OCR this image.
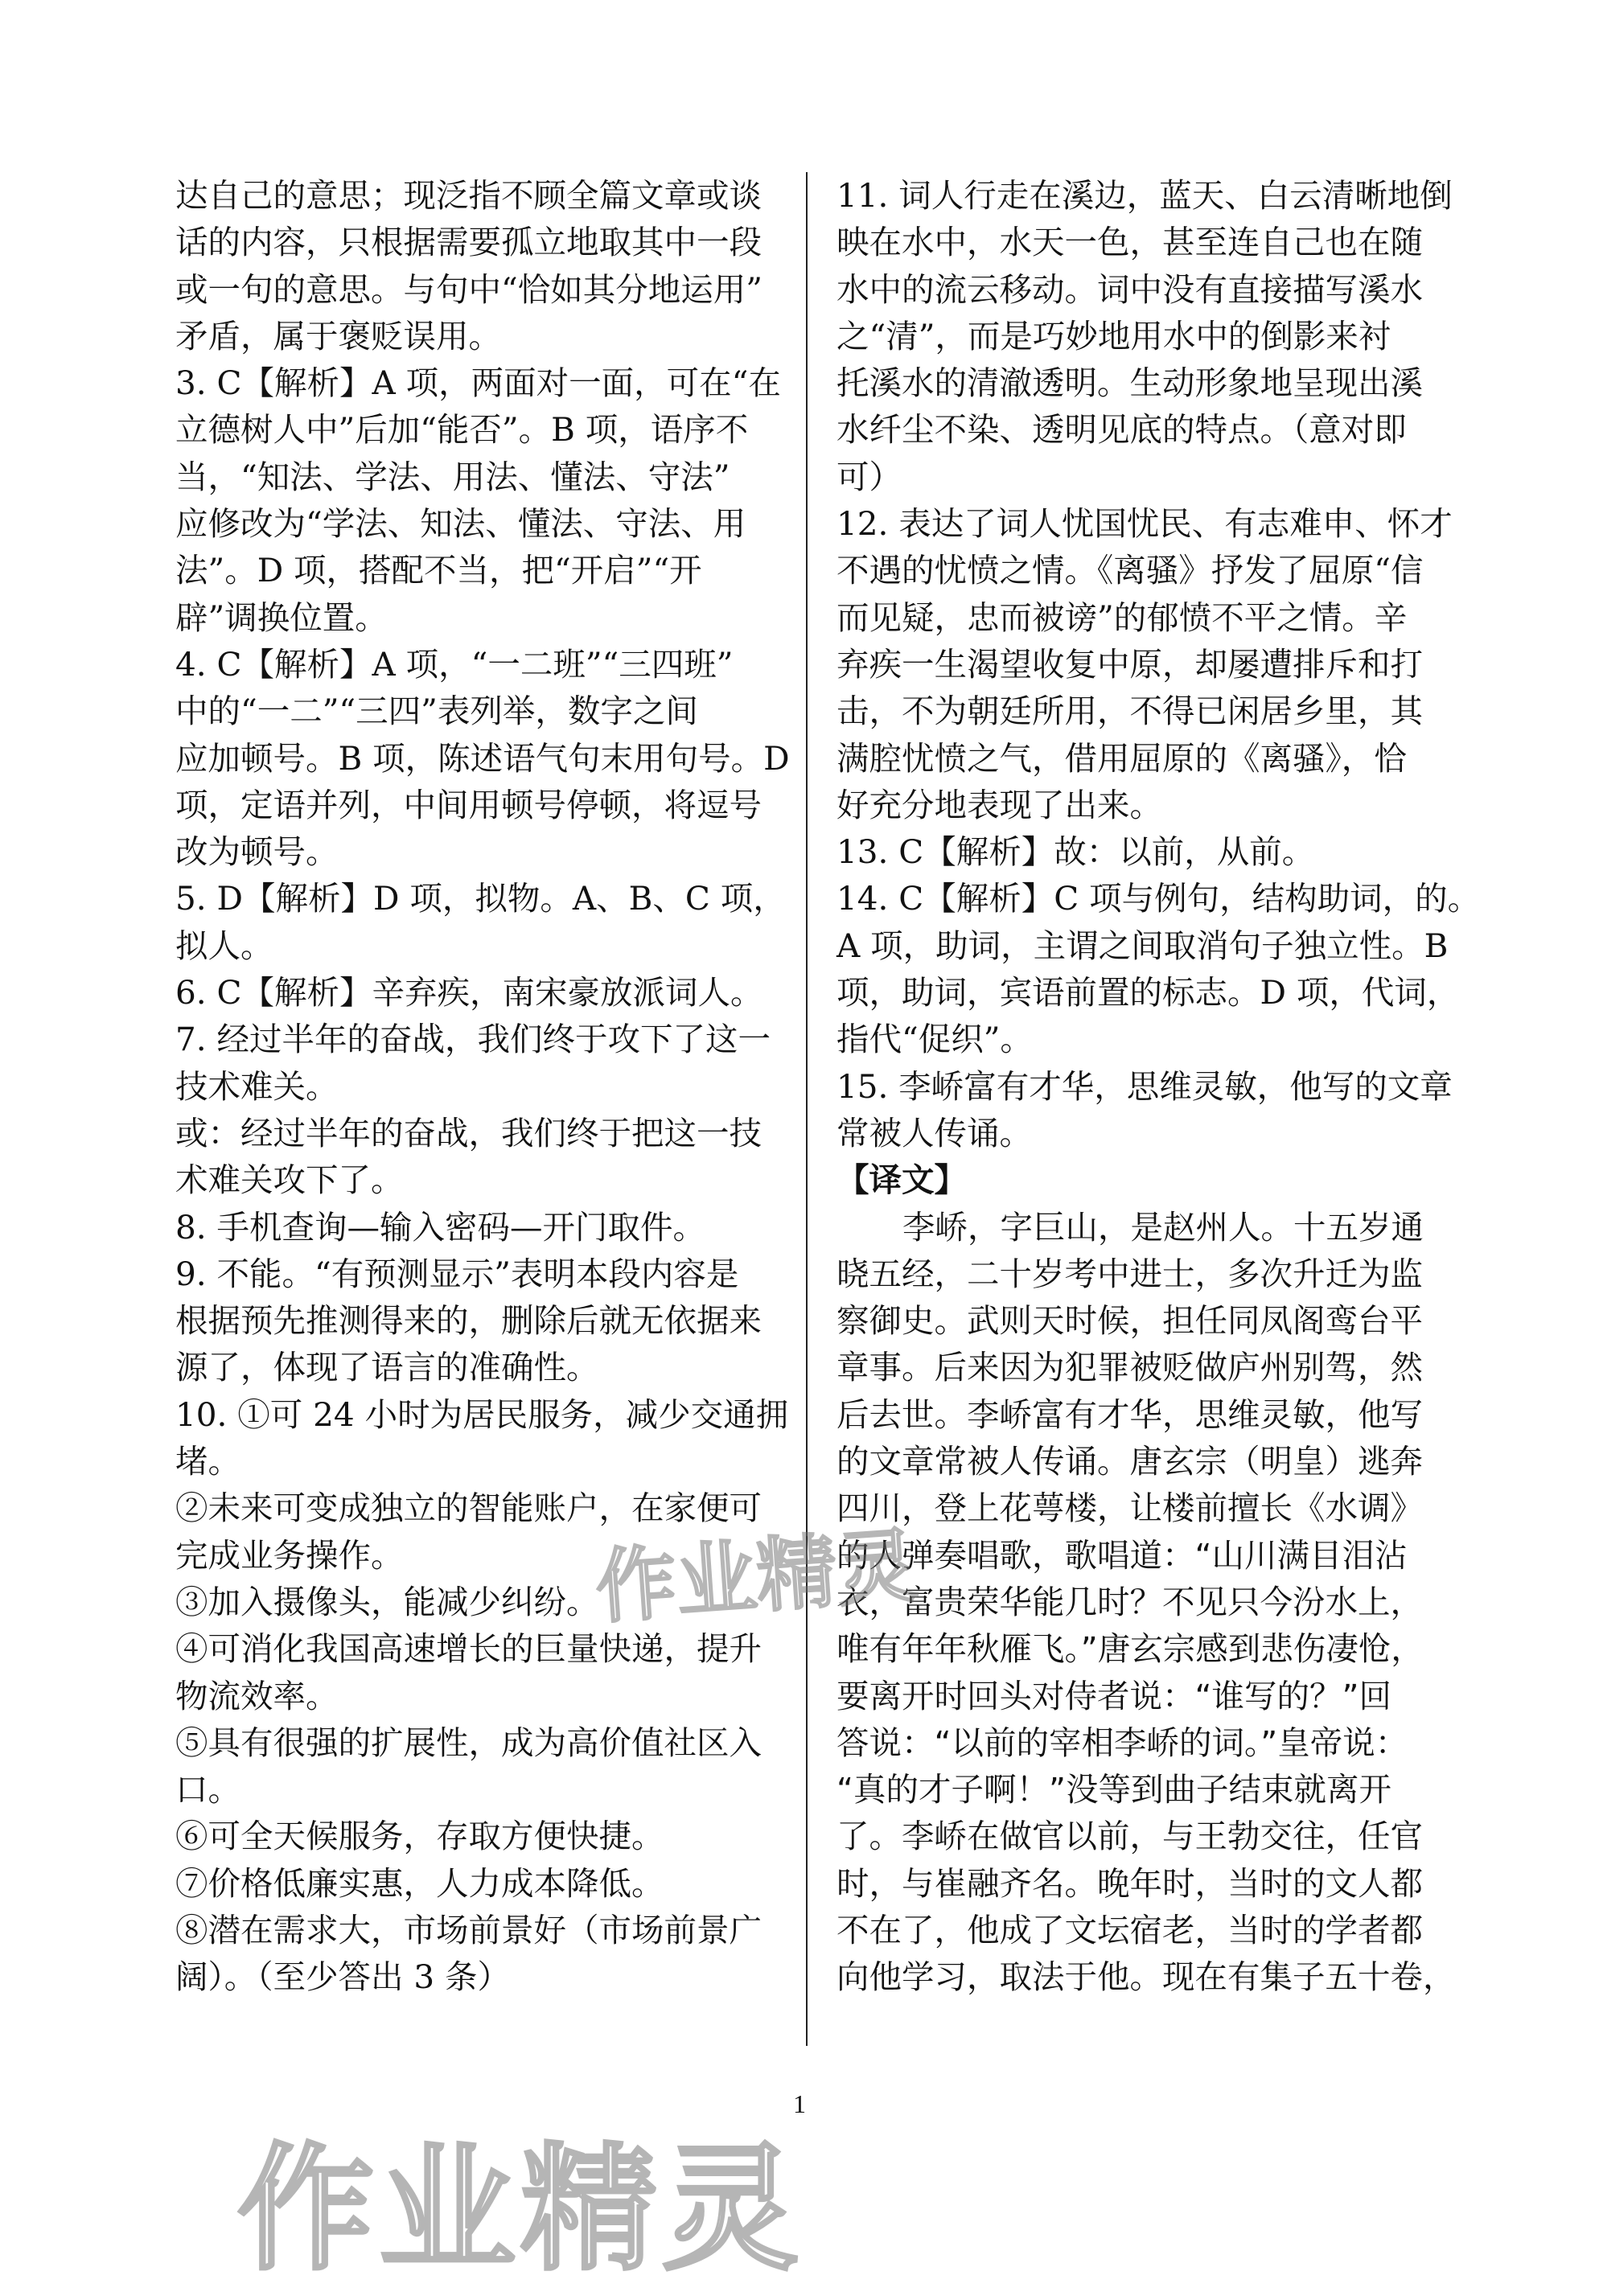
达自己的意思；现泛指不顾全篇文章或谈

话的内容，只根据需要孤立地取其中一段

或一句的意思。与句中“恰如其分地运用”

矛盾，属于褒贬误用。

3. C【解析】A 项，两面对一面，可在“在

立德树人中”后加“能否”。B 项，语序不

当，“知法、学法、用法、懂法、守法”

应修改为“学法、知法、懂法、守法、用

法”。D 项，搭配不当，把“开启”“开

辟”调换位置。

4. C【解析】A 项，“一二班”“三四班”

中的“一二”“三四”表列举，数字之间

应加顿号。B 项，陈述语气句末用句号。D

项，定语并列，中间用顿号停顿，将逗号

改为顿号。

5. D【解析】D 项，拟物。A、B、C 项，

拟人。

6. C【解析】辛弃疾，南宋豪放派词人。

7. 经过半年的奋战，我们终于攻下了这一

技术难关。

或：经过半年的奋战，我们终于把这一技

术难关攻下了。

8. 手机查询—输入密码—开门取件。

9. 不能。“有预测显示”表明本段内容是

根据预先推测得来的，删除后就无依据来

源了，体现了语言的准确性。

10. ①可 24 小时为居民服务，减少交通拥

堵。

②未来可变成独立的智能账户，在家便可

完成业务操作。

③加入摄像头，能减少纠纷。

④可消化我国高速增长的巨量快递，提升

物流效率。

⑤具有很强的扩展性，成为高价值社区入

口。

⑥可全天候服务，存取方便快捷。

⑦价格低廉实惠，人力成本降低。

⑧潜在需求大，市场前景好（市场前景广

阔）。（至少答出 3 条）

11. 词人行走在溪边，蓝天、白云清晰地倒

映在水中，水天一色，甚至连自己也在随

水中的流云移动。词中没有直接描写溪水

之“清”，而是巧妙地用水中的倒影来衬

托溪水的清澈透明。生动形象地呈现出溪

水纤尘不染、透明见底的特点。（意对即

可）

12. 表达了词人忧国忧民、有志难申、怀才

不遇的忧愤之情。《离骚》抒发了屈原“信

而见疑，忠而被谤”的郁愤不平之情。辛

弃疾一生渴望收复中原，却屡遭排斥和打

击，不为朝廷所用，不得已闲居乡里，其

满腔忧愤之气，借用屈原的《离骚》，恰

好充分地表现了出来。

13. C【解析】故：以前，从前。

14. C【解析】C 项与例句，结构助词，的。

A 项，助词，主谓之间取消句子独立性。B

项，助词，宾语前置的标志。D 项，代词，

指代“促织”。

15. 李峤富有才华，思维灵敏，他写的文章

常被人传诵。

【译文】

李峤，字巨山，是赵州人。十五岁通

晓五经，二十岁考中进士，多次升迁为监

察御史。武则天时候，担任同凤阁鸾台平

章事。后来因为犯罪被贬做庐州别驾，然

后去世。李峤富有才华，思维灵敏，他写

的文章常被人传诵。唐玄宗（明皇）逃奔

四川，登上花萼楼，让楼前擅长《水调》

的人弹奏唱歌，歌唱道：“山川满目泪沾

衣，富贵荣华能几时？不见只今汾水上，

唯有年年秋雁飞。”唐玄宗感到悲伤凄怆，

要离开时回头对侍者说：“谁写的？”回

答说：“以前的宰相李峤的词。”皇帝说：

“真的才子啊！”没等到曲子结束就离开

了。李峤在做官以前，与王勃交往，任官

时，与崔融齐名。晚年时，当时的文人都

不在了，他成了文坛宿老，当时的学者都

向他学习，取法于他。现在有集子五十卷，

1
作业精灵
作业精灵
